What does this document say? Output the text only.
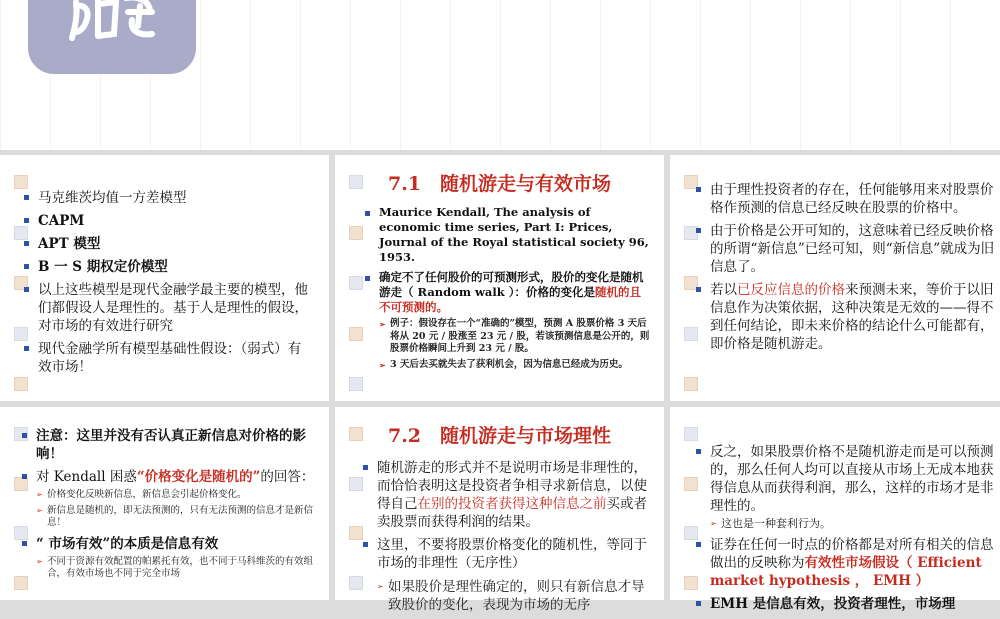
马克维茨均值一方差模型
CAPM
APT 模型
B 一 S 期权定价模型
以上这些模型是现代金融学最主要的模型，他们都假设人是理性的。基于人是理性的假设，对市场的有效进行研究
现代金融学所有模型基础性假设：（弱式）有效市场！
7.1　随机游走与有效市场
Maurice Kendall, The analysis of economic time series, Part I: Prices, Journal of the Royal statistical society 96, 1953.
确定不了任何股价的可预测形式，股价的变化是随机游走（ Random walk ）：价格的变化是随机的且不可预测的。
➢ 例子：假设存在一个“准确的”模型，预测 A 股票价格 3 天后将从 20 元 / 股涨至 23 元 / 股，若该预测信息是公开的，则股票价格瞬间上升到 23 元 / 股。
➢ 3 天后去买就失去了获利机会，因为信息已经成为历史。
由于理性投资者的存在，任何能够用来对股票价格作预测的信息已经反映在股票的价格中。
由于价格是公开可知的，这意味着已经反映价格的所谓“新信息”已经可知，则“新信息”就成为旧信息了。
若以已反应信息的价格来预测未来，等价于以旧信息作为决策依据，这种决策是无效的——得不到任何结论，即未来价格的结论什么可能都有，即价格是随机游走。
注意：这里并没有否认真正新信息对价格的影响！
对 Kendall 困惑“价格变化是随机的”的回答：
➢ 价格变化反映新信息，新信息会引起价格变化。
➢ 新信息是随机的，即无法预测的，只有无法预测的信息才是新信息！
“ 市场有效”的本质是信息有效
➢ 不同于资源有效配置的帕累托有效，也不同于马科维茨的有效组合，有效市场也不同于完全市场
7.2　随机游走与市场理性
随机游走的形式并不是说明市场是非理性的，而恰恰表明这是投资者争相寻求新信息，以使得自己在别的投资者获得这种信息之前买或者卖股票而获得利润的结果。
这里，不要将股票价格变化的随机性，等同于市场的非理性（无序性）
➢ 如果股价是理性确定的，则只有新信息才导致股价的变化，表现为市场的无序
反之，如果股票价格不是随机游走而是可以预测的，那么任何人均可以直接从市场上无成本地获得信息从而获得利润，那么，这样的市场才是非理性的。
➢ 这也是一种套利行为。
证券在任何一时点的价格都是对所有相关的信息做出的反映称为有效性市场假设（ Efficient market hypothesis ， EMH ）
EMH 是信息有效，投资者理性，市场理
